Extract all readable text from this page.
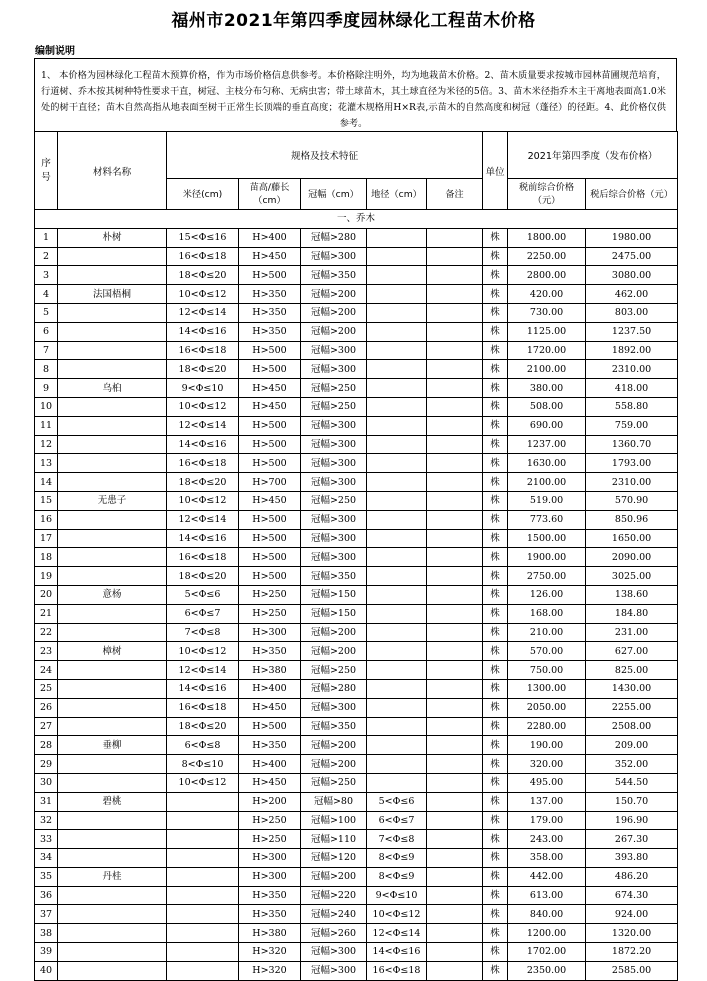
福州市2021年第四季度园林绿化工程苗木价格
编制说明

1、 本价格为园林绿化工程苗木预算价格，作为市场价格信息供参考。本价格除注明外，均为地栽苗木价格。2、苗木质量要求按城市园林苗圃规范培育，行道树、乔木按其树种特性要求干直，树冠、主枝分布匀称、无病虫害；带土球苗木，其土球直径为米径的5倍。3、苗木米径指乔木主干离地表面高1.0米处的树干直径；苗木自然高指从地表面至树干正常生长顶端的垂直高度；花灌木规格用H×R表,示苗木的自然高度和树冠（蓬径）的径距。4、此价格仅供参考。

序号	材料名称	规格及技术特征					单位	2021年第四季度（发布价格）	
		米径(cm)	苗高/藤长（cm）	冠幅（cm）	地径（cm）	备注		税前综合价格（元）	税后综合价格（元）
一、乔木									
1	朴树	15<Φ≤16	H>400	冠幅>280			株	1800.00	1980.00
2		16<Φ≤18	H>450	冠幅>300			株	2250.00	2475.00
3		18<Φ≤20	H>500	冠幅>350			株	2800.00	3080.00
4	法国梧桐	10<Φ≤12	H>350	冠幅>200			株	420.00	462.00
5		12<Φ≤14	H>350	冠幅>200			株	730.00	803.00
6		14<Φ≤16	H>350	冠幅>200			株	1125.00	1237.50
7		16<Φ≤18	H>500	冠幅>300			株	1720.00	1892.00
8		18<Φ≤20	H>500	冠幅>300			株	2100.00	2310.00
9	乌桕	9<Φ≤10	H>450	冠幅>250			株	380.00	418.00
10		10<Φ≤12	H>450	冠幅>250			株	508.00	558.80
11		12<Φ≤14	H>500	冠幅>300			株	690.00	759.00
12		14<Φ≤16	H>500	冠幅>300			株	1237.00	1360.70
13		16<Φ≤18	H>500	冠幅>300			株	1630.00	1793.00
14		18<Φ≤20	H>700	冠幅>300			株	2100.00	2310.00
15	无患子	10<Φ≤12	H>450	冠幅>250			株	519.00	570.90
16		12<Φ≤14	H>500	冠幅>300			株	773.60	850.96
17		14<Φ≤16	H>500	冠幅>300			株	1500.00	1650.00
18		16<Φ≤18	H>500	冠幅>300			株	1900.00	2090.00
19		18<Φ≤20	H>500	冠幅>350			株	2750.00	3025.00
20	意杨	5<Φ≤6	H>250	冠幅>150			株	126.00	138.60
21		6<Φ≤7	H>250	冠幅>150			株	168.00	184.80
22		7<Φ≤8	H>300	冠幅>200			株	210.00	231.00
23	樟树	10<Φ≤12	H>350	冠幅>200			株	570.00	627.00
24		12<Φ≤14	H>380	冠幅>250			株	750.00	825.00
25		14<Φ≤16	H>400	冠幅>280			株	1300.00	1430.00
26		16<Φ≤18	H>450	冠幅>300			株	2050.00	2255.00
27		18<Φ≤20	H>500	冠幅>350			株	2280.00	2508.00
28	垂柳	6<Φ≤8	H>350	冠幅>200			株	190.00	209.00
29		8<Φ≤10	H>400	冠幅>200			株	320.00	352.00
30		10<Φ≤12	H>450	冠幅>250			株	495.00	544.50
31	碧桃		H>200	冠幅>80	5<Φ≤6		株	137.00	150.70
32			H>250	冠幅>100	6<Φ≤7		株	179.00	196.90
33			H>250	冠幅>110	7<Φ≤8		株	243.00	267.30
34			H>300	冠幅>120	8<Φ≤9		株	358.00	393.80
35	丹桂		H>300	冠幅>200	8<Φ≤9		株	442.00	486.20
36			H>350	冠幅>220	9<Φ≤10		株	613.00	674.30
37			H>350	冠幅>240	10<Φ≤12		株	840.00	924.00
38			H>380	冠幅>260	12<Φ≤14		株	1200.00	1320.00
39			H>320	冠幅>300	14<Φ≤16		株	1702.00	1872.20
40			H>320	冠幅>300	16<Φ≤18		株	2350.00	2585.00
